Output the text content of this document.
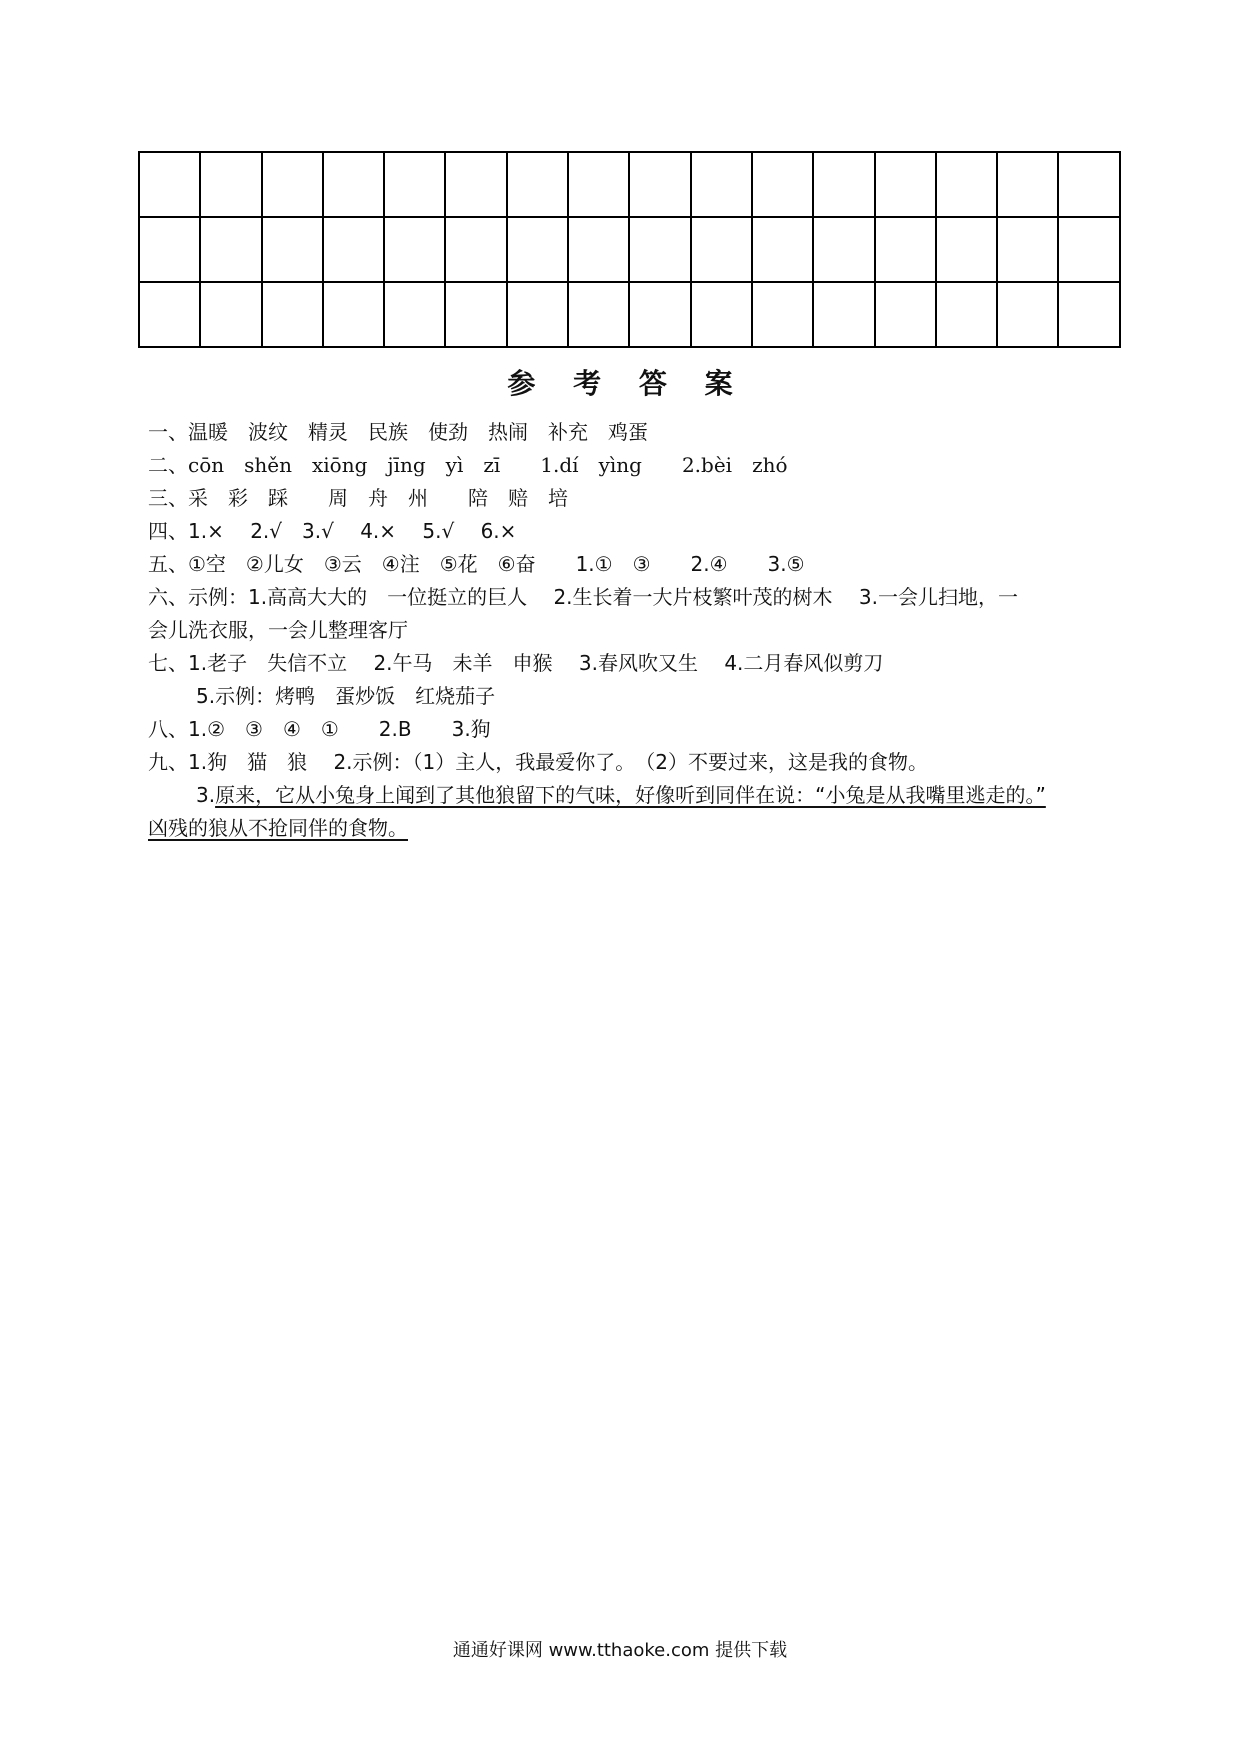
参 考 答 案
一、温暖　波纹　精灵　民族　使劲　热闹　补充　鸡蛋
二、cōn　shěn　xiōng　jīng　yì　zī　　1.dí　yìng　　2.bèi　zhó
三、采　彩　踩　　周　舟　州　　陪　赔　培
四、1.×　 2.√　3.√　 4.×　 5.√　 6.×
五、①空　②儿女　③云　④注　⑤花　⑥奋　　1.①　③　　2.④　　3.⑤
六、示例：1.高高大大的　一位挺立的巨人　 2.生长着一大片枝繁叶茂的树木　 3.一会儿扫地，一
会儿洗衣服，一会儿整理客厅
七、1.老子　失信不立　 2.午马　未羊　申猴　 3.春风吹又生　 4.二月春风似剪刀
5.示例：烤鸭　蛋炒饭　红烧茄子
八、1.②　③　④　①　　2.B　　3.狗
九、1.狗　猫　狼　 2.示例：（1）主人，我最爱你了。　（2）不要过来，这是我的食物。
3.原来，它从小兔身上闻到了其他狼留下的气味，好像听到同伴在说：“小兔是从我嘴里逃走的。”
凶残的狼从不抢同伴的食物。
通通好课网 www.tthaoke.com 提供下载
